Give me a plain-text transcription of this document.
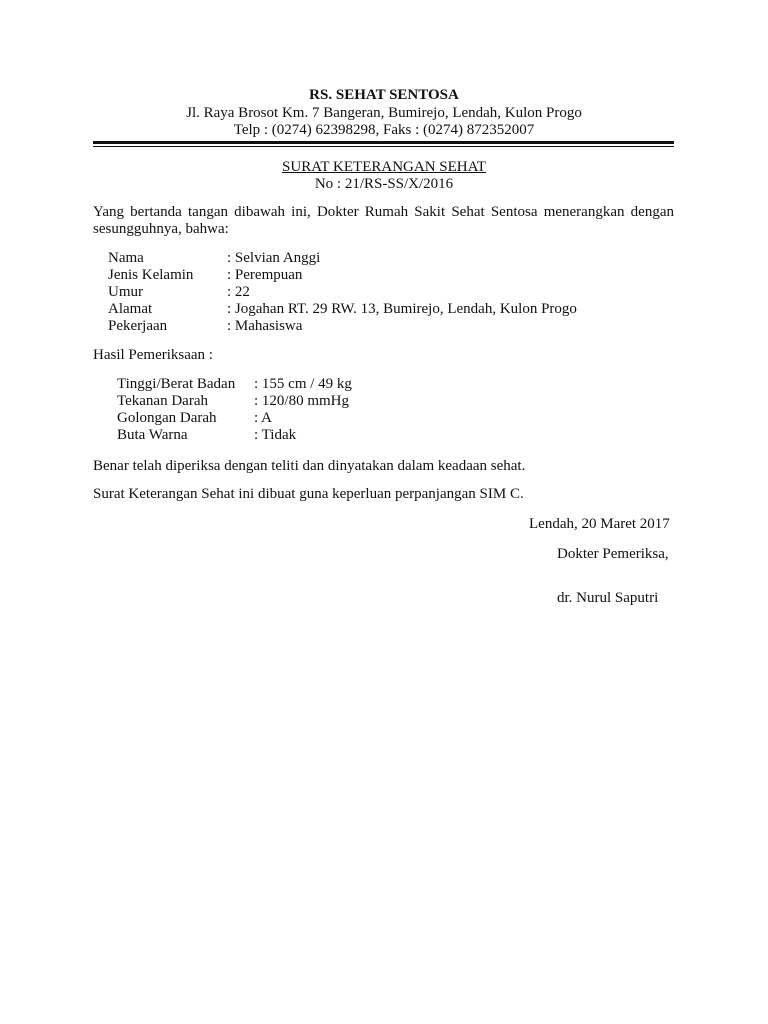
RS. SEHAT SENTOSA
Jl. Raya Brosot Km. 7 Bangeran, Bumirejo, Lendah, Kulon Progo
Telp : (0274) 62398298, Faks : (0274) 872352007
SURAT KETERANGAN SEHAT
No : 21/RS-SS/X/2016
Yang bertanda tangan dibawah ini, Dokter Rumah Sakit Sehat Sentosa menerangkan dengan
sesungguhnya, bahwa:
Nama	: Selvian Anggi
Jenis Kelamin : Perempuan
Umur	: 22
Alamat	: Jogahan RT. 29 RW. 13, Bumirejo, Lendah, Kulon Progo
Pekerjaan	: Mahasiswa
Hasil Pemeriksaan :
Tinggi/Berat Badan : 155 cm / 49 kg
Tekanan Darah	: 120/80 mmHg
Golongan Darah : A
Buta Warna	: Tidak
Benar telah diperiksa dengan teliti dan dinyatakan dalam keadaan sehat.
Surat Keterangan Sehat ini dibuat guna keperluan perpanjangan SIM C.
Lendah, 20 Maret 2017
Dokter Pemeriksa,
dr. Nurul Saputri
